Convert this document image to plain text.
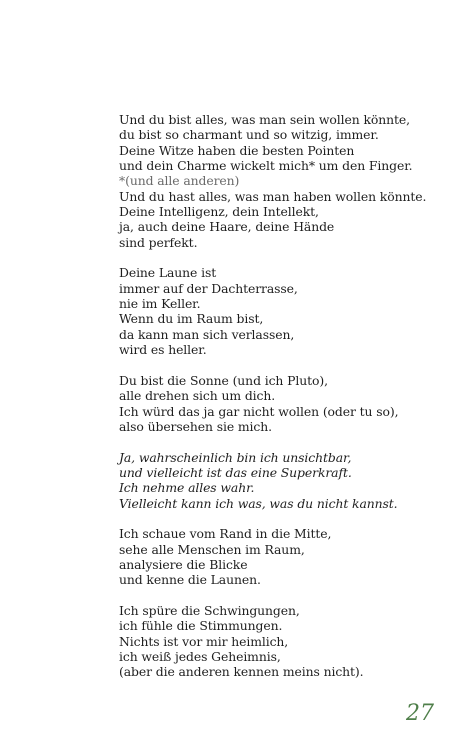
Und du bist alles, was man sein wollen könnte,
du bist so charmant und so witzig, immer.
Deine Witze haben die besten Pointen
und dein Charme wickelt mich* um den Finger.
*(und alle anderen)
Und du hast alles, was man haben wollen könnte.
Deine Intelligenz, dein Intellekt,
ja, auch deine Haare, deine Hände
sind perfekt.
Deine Laune ist
immer auf der Dachterrasse,
nie im Keller.
Wenn du im Raum bist,
da kann man sich verlassen,
wird es heller.
Du bist die Sonne (und ich Pluto),
alle drehen sich um dich.
Ich würd das ja gar nicht wollen (oder tu so),
also übersehen sie mich.
Ja, wahrscheinlich bin ich unsichtbar,
und vielleicht ist das eine Superkraft.
Ich nehme alles wahr.
Vielleicht kann ich was, was du nicht kannst.
Ich schaue vom Rand in die Mitte,
sehe alle Menschen im Raum,
analysiere die Blicke
und kenne die Launen.
Ich spüre die Schwingungen,
ich fühle die Stimmungen.
Nichts ist vor mir heimlich,
ich weiß jedes Geheimnis,
(aber die anderen kennen meins nicht).
27
